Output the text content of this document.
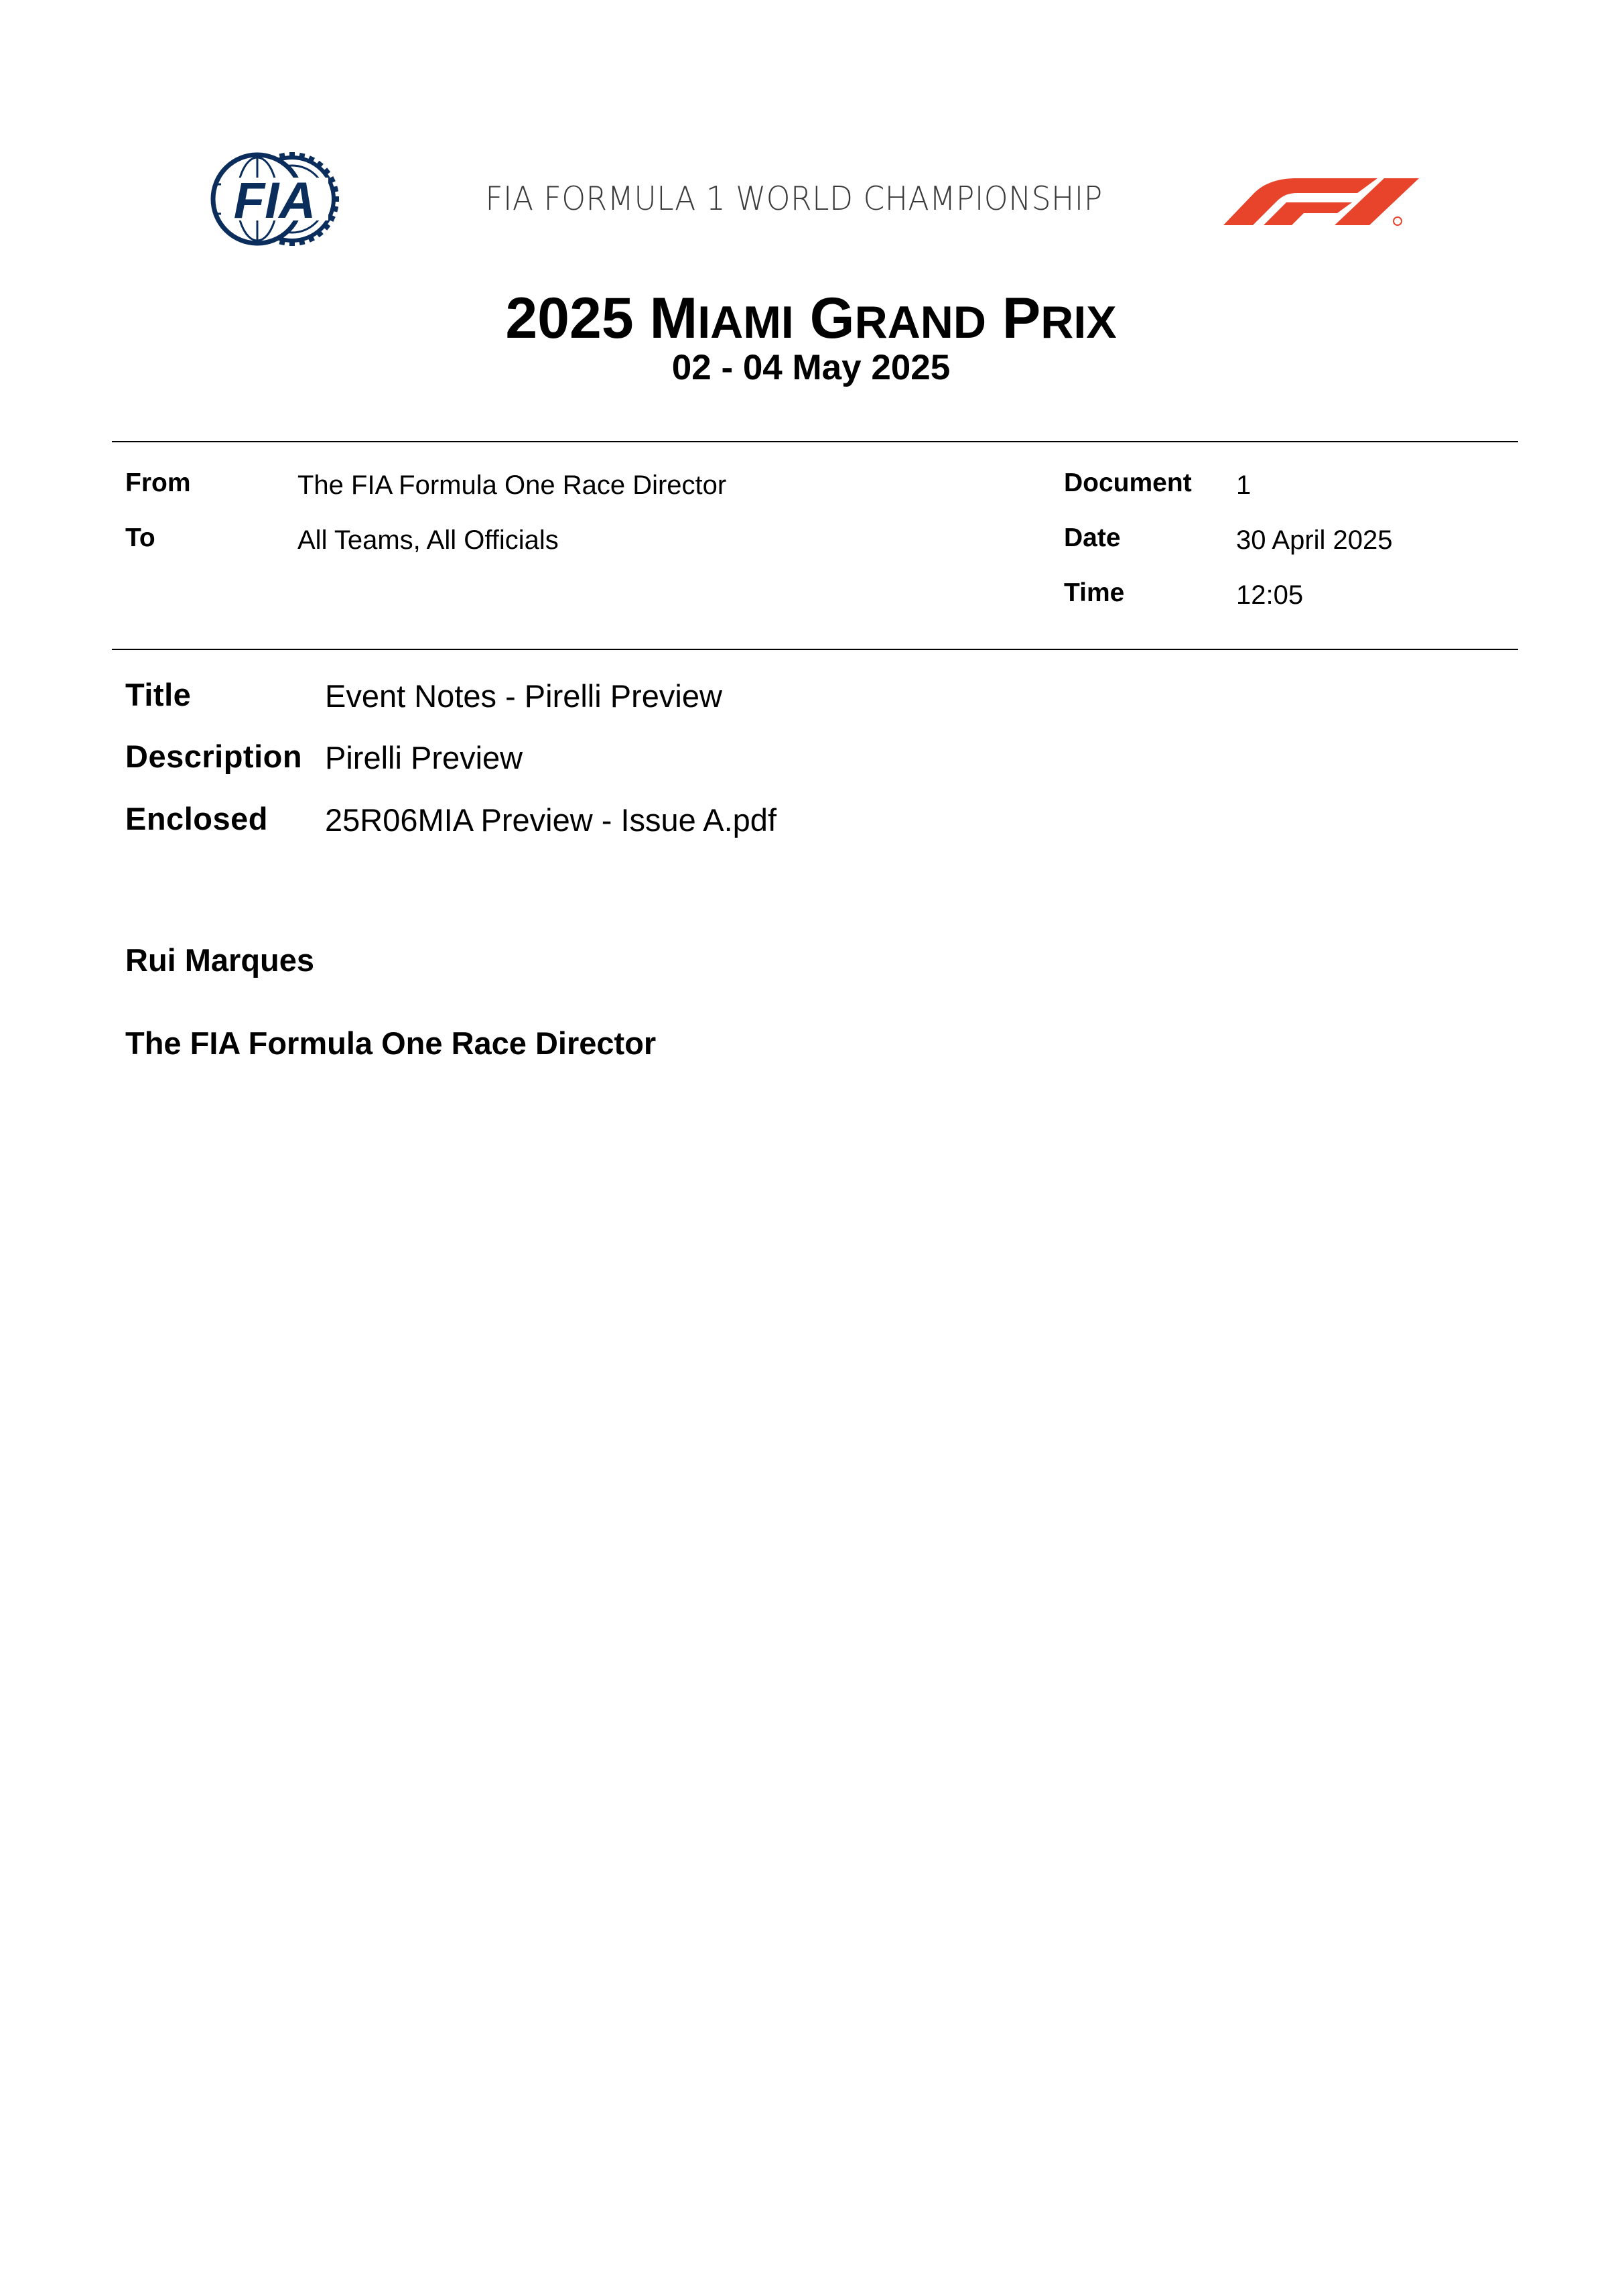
FIA	FIA FORMULA 1 WORLD CHAMPIONSHIP
2025 MIAMI GRAND PRIX
02 - 04 May 2025
From	The FIA Formula One Race Director
To	All Teams, All Officials
Document 1
Date	30 April 2025
Time	12:05
Title	Event Notes - Pirelli Preview
Description Pirelli Preview
Enclosed 25R06MIA Preview - Issue A.pdf
Rui Marques
The FIA Formula One Race Director
